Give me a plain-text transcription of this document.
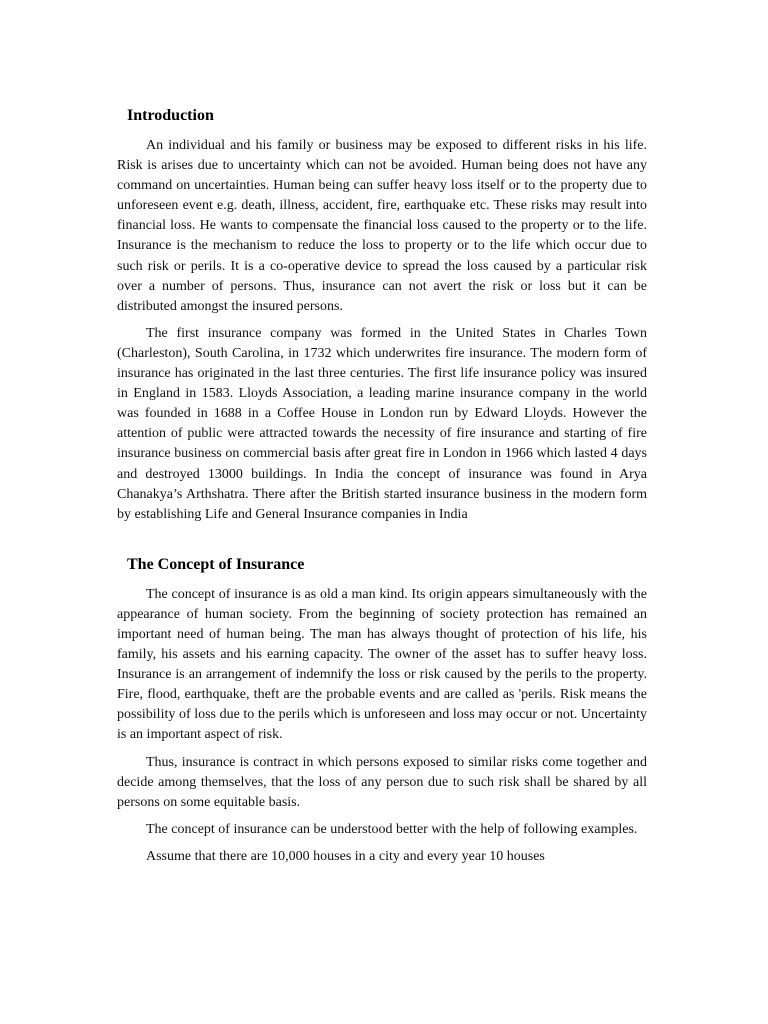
Introduction

An individual and his family or business may be exposed to different risks in his life. Risk is arises due to uncertainty which can not be avoided. Human being does not have any command on uncertainties. Human being can suffer heavy loss itself or to the property due to unforeseen event e.g. death, illness, accident, fire, earthquake etc. These risks may result into financial loss. He wants to compensate the financial loss caused to the property or to the life. Insurance is the mechanism to reduce the loss to property or to the life which occur due to such risk or perils. It is a co-operative device to spread the loss caused by a particular risk over a number of persons. Thus, insurance can not avert the risk or loss but it can be distributed amongst the insured persons.

The first insurance company was formed in the United States in Charles Town (Charleston), South Carolina, in 1732 which underwrites fire insurance. The modern form of insurance has originated in the last three centuries. The first life insurance policy was insured in England in 1583. Lloyds Association, a leading marine insurance company in the world was founded in 1688 in a Coffee House in London run by Edward Lloyds. However the attention of public were attracted towards the necessity of fire insurance and starting of fire insurance business on commercial basis after great fire in London in 1966 which lasted 4 days and destroyed 13000 buildings. In India the concept of insurance was found in Arya Chanakya’s Arthshatra. There after the British started insurance business in the modern form by establishing Life and General Insurance companies in India

The Concept of Insurance

The concept of insurance is as old a man kind. Its origin appears simultaneously with the appearance of human society. From the beginning of society protection has remained an important need of human being. The man has always thought of protection of his life, his family, his assets and his earning capacity. The owner of the asset has to suffer heavy loss. Insurance is an arrangement of indemnify the loss or risk caused by the perils to the property. Fire, flood, earthquake, theft are the probable events and are called as 'perils. Risk means the possibility of loss due to the perils which is unforeseen and loss may occur or not. Uncertainty is an important aspect of risk.

Thus, insurance is contract in which persons exposed to similar risks come together and decide among themselves, that the loss of any person due to such risk shall be shared by all persons on some equitable basis.

The concept of insurance can be understood better with the help of following examples.

Assume that there are 10,000 houses in a city and every year 10 houses
